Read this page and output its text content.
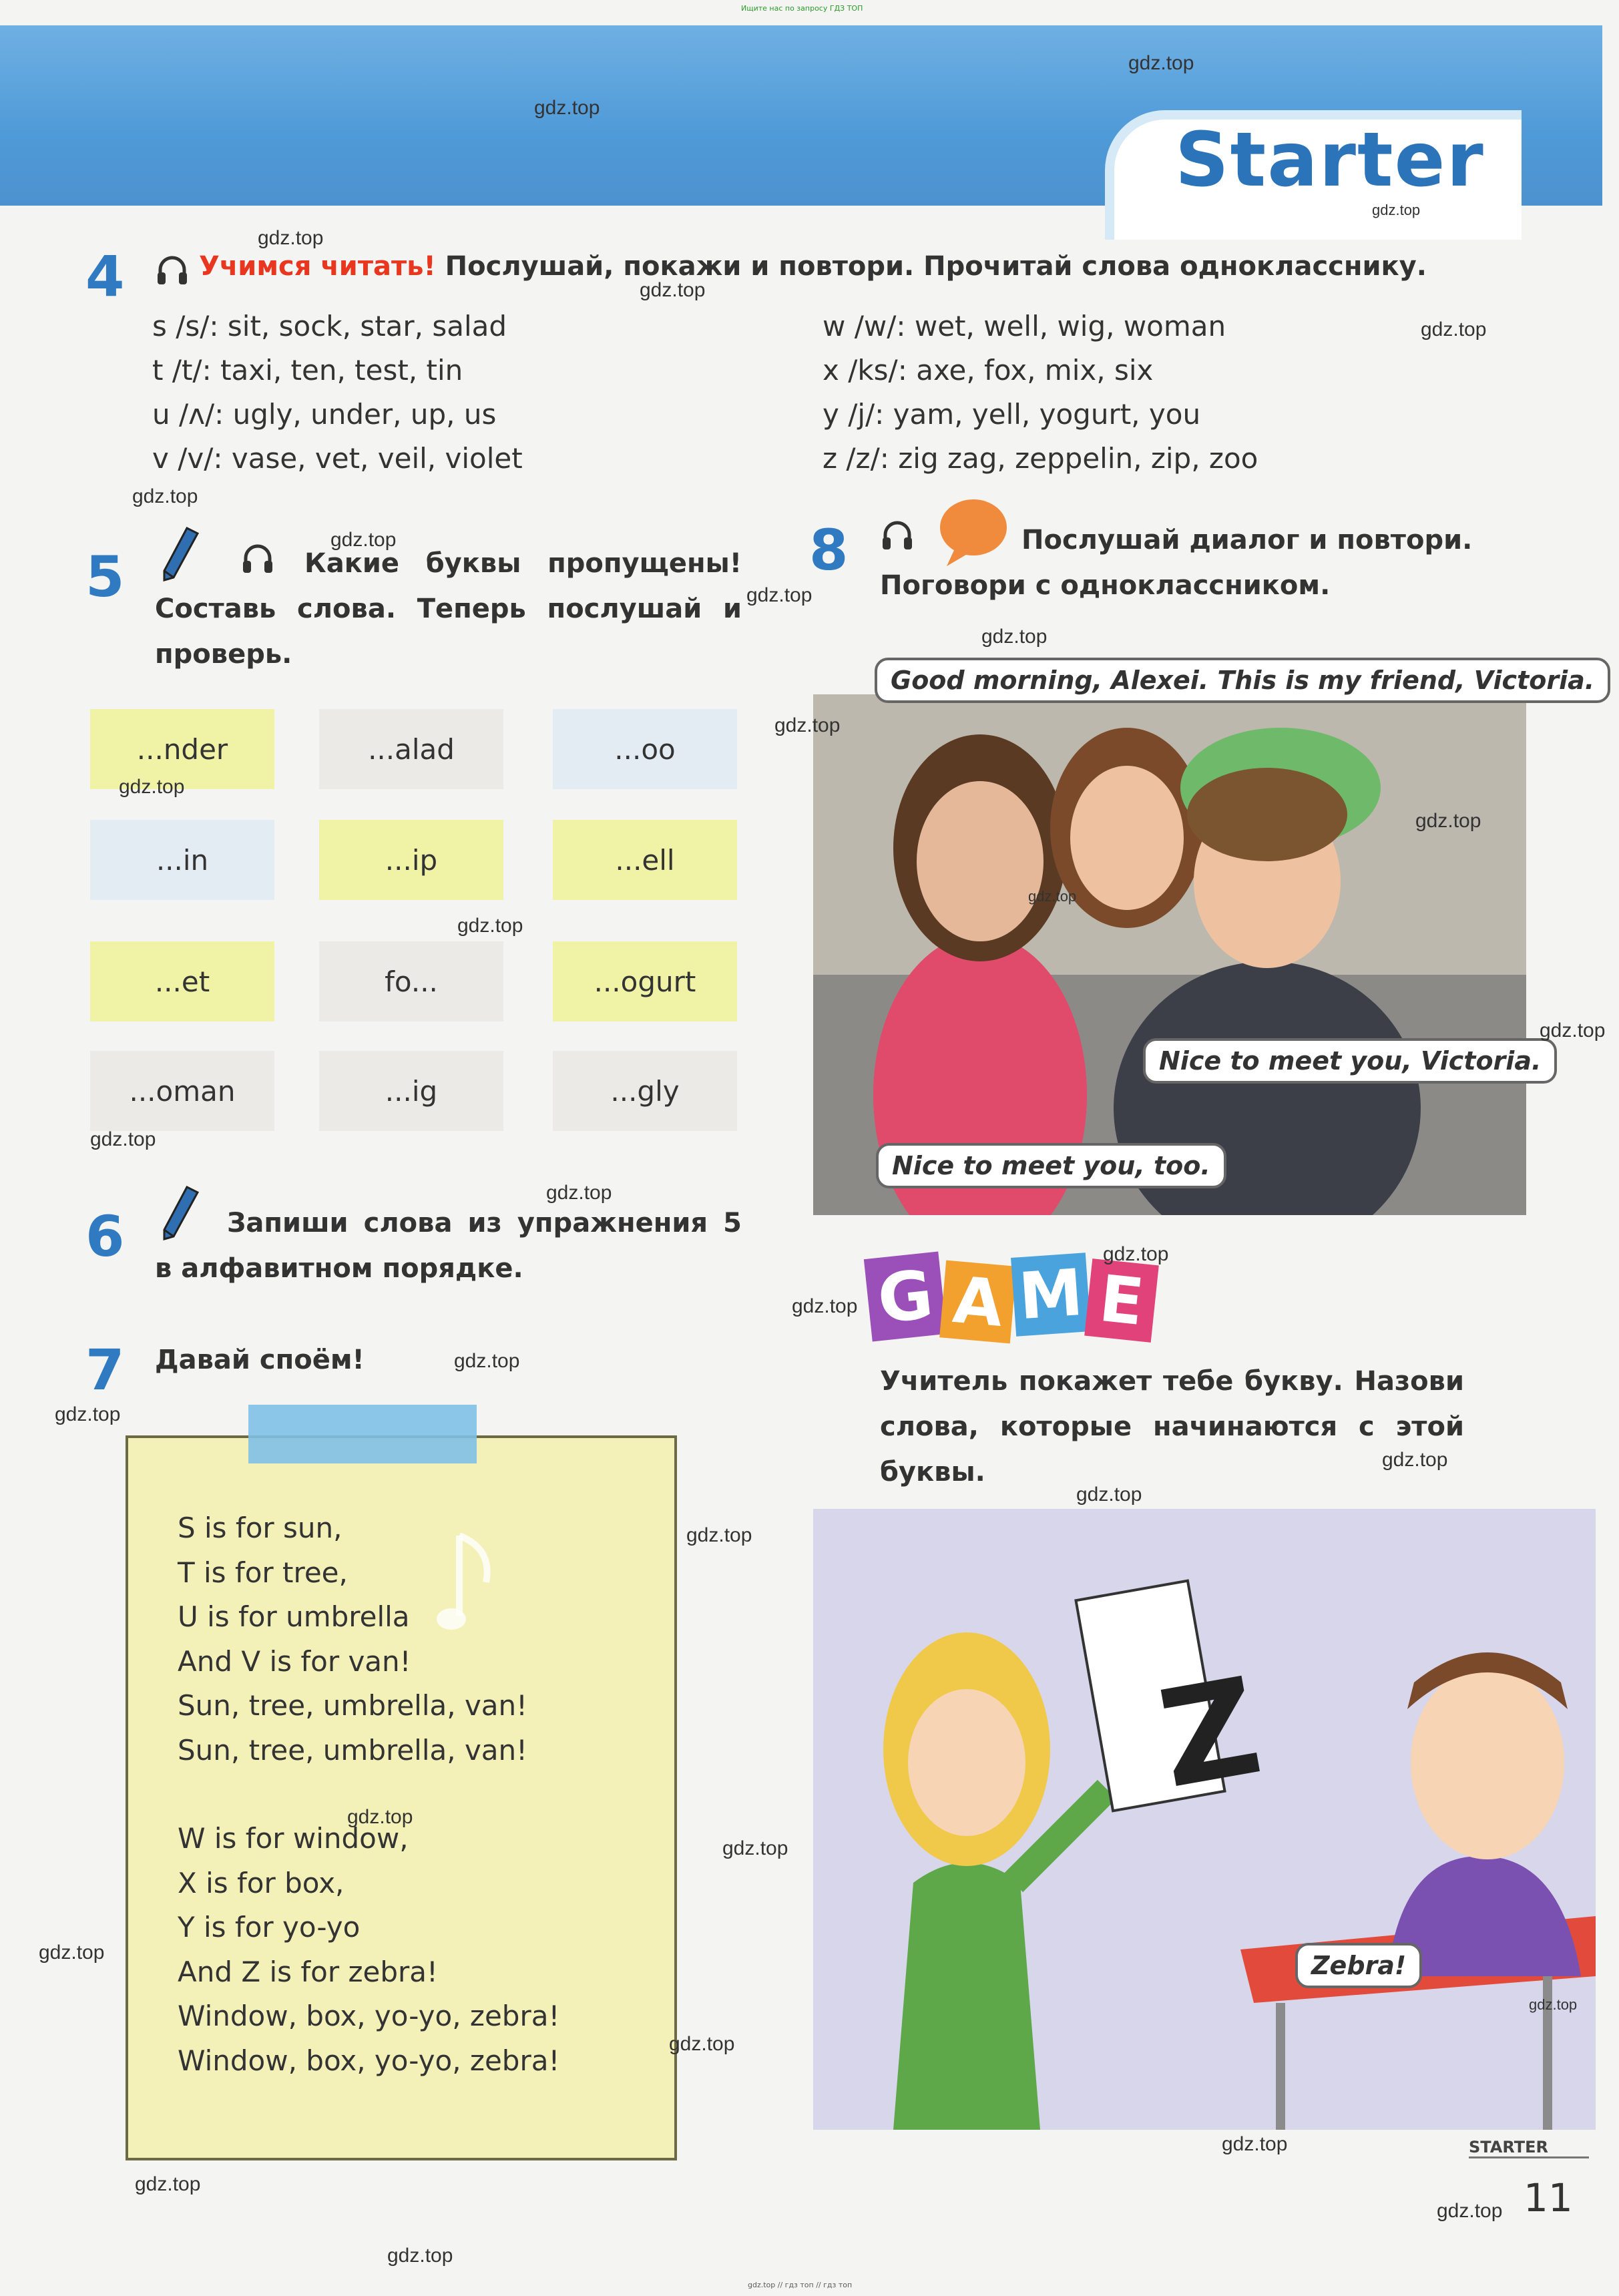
Ищите нас по запросу ГДЗ ТОП
gdz.top // гдз топ // гдз топ
Starter
4	Учимся читать! Послушай, покажи и повтори. Прочитай слова однокласснику.
s /s/: sit, sock, star, salad
t /t/: taxi, ten, test, tin
u /ʌ/: ugly, under, up, us
v /v/: vase, vet, veil, violet
w /w/: wet, well, wig, woman
x /ks/: axe, fox, mix, six
y /j/: yam, yell, yogurt, you
z /z/: zig zag, zeppelin, zip, zoo
5	Какие буквы пропущены!
Составь слова. Теперь послушай и
проверь.
...nder	...alad	...oo
...in	...ip	...ell
...et	fo...	...ogurt
...oman	...ig	...gly
6	Запиши слова из упражнения 5
в алфавитном порядке.
7 Давай споём!
S is for sun,
T is for tree,
U is for umbrella
And V is for van!
Sun, tree, umbrella, van!
Sun, tree, umbrella, van!
W is for window,
X is for box,
Y is for yo-yo
And Z is for zebra!
Window, box, yo-yo, zebra!
Window, box, yo-yo, zebra!
8	Послушай диалог и повтори.
Поговори с одноклассником.
Good morning, Alexei. This is my friend, Victoria.
Nice to meet you, Victoria.
Nice to meet you, too.
G A M E
Учитель покажет тебе букву. Назови
слова, которые начинаются с этой
буквы.
Z
Zebra!
STARTER
11
gdz.top
gdz.top
gdz.top
gdz.top
gdz.top
gdz.top
gdz.top
gdz.top
gdz.top
gdz.top
gdz.top
gdz.top
gdz.top
gdz.top
gdz.top
gdz.top
gdz.top
gdz.top
gdz.top
gdz.top
gdz.top
gdz.top
gdz.top
gdz.top
gdz.top
gdz.top
gdz.top
gdz.top
gdz.top
gdz.top
gdz.top
gdz.top
gdz.top
gdz.top
